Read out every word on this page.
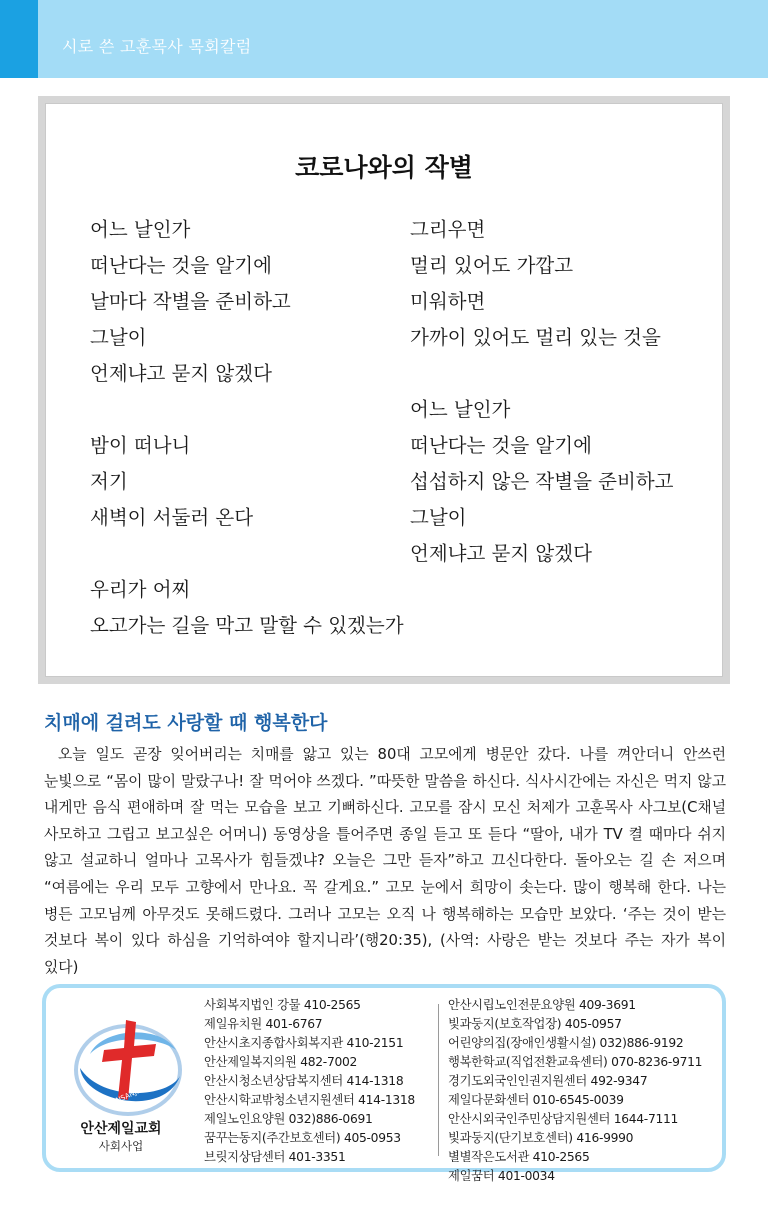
시로 쓴 고훈목사 목회칼럼
코로나와의 작별
어느 날인가
떠난다는 것을 알기에
날마다 작별을 준비하고
그날이
언제냐고 묻지 않겠다
밤이 떠나니
저기
새벽이 서둘러 온다
우리가 어찌
오고가는 길을 막고 말할 수 있겠는가
그리우면
멀리 있어도 가깝고
미워하면
가까이 있어도 멀리 있는 것을
어느 날인가
떠난다는 것을 알기에
섭섭하지 않은 작별을 준비하고
그날이
언제냐고 묻지 않겠다
치매에 걸려도 사랑할 때 행복한다
오늘 일도 곧장 잊어버리는 치매를 앓고 있는 80대 고모에게 병문안 갔다. 나를 껴안더니 안쓰런 눈빛으로 “몸이 많이 말랐구나! 잘 먹어야 쓰겠다. ”따뜻한 말씀을 하신다. 식사시간에는 자신은 먹지 않고 내게만 음식 편애하며 잘 먹는 모습을 보고 기뻐하신다. 고모를 잠시 모신 처제가 고훈목사 사그보(C채널 사모하고 그립고 보고싶은 어머니) 동영상을 틀어주면 종일 듣고 또 듣다 “딸아, 내가 TV 켤 때마다 쉬지 않고 설교하니 얼마나 고목사가 힘들겠냐? 오늘은 그만 듣자”하고 끄신다한다. 돌아오는 길 손 저으며 “여름에는 우리 모두 고향에서 만나요. 꼭 갈게요.” 고모 눈에서 희망이 솟는다. 많이 행복해 한다. 나는 병든 고모님께 아무것도 못해드렸다. 그러나 고모는 오직 나 행복해하는 모습만 보았다. ‘주는 것이 받는 것보다 복이 있다 하심을 기억하여야 할지니라’(행20:35), (사역: 사랑은 받는 것보다 주는 자가 복이 있다)
ANSANJEIL CHURCH
안산제일교회
사회사업
사회복지법인 강물 410-2565
제일유치원 401-6767
안산시초지종합사회복지관 410-2151
안산제일복지의원 482-7002
안산시청소년상담복지센터 414-1318
안산시학교밖청소년지원센터 414-1318
제일노인요양원 032)886-0691
꿈꾸는동지(주간보호센터) 405-0953
브릿지상담센터 401-3351
안산시립노인전문요양원 409-3691
빛과둥지(보호작업장) 405-0957
어린양의집(장애인생활시설) 032)886-9192
행복한학교(직업전환교육센터) 070-8236-9711
경기도외국인인권지원센터 492-9347
제일다문화센터 010-6545-0039
안산시외국인주민상담지원센터 1644-7111
빛과둥지(단기보호센터) 416-9990
별별작은도서관 410-2565
제일꿈터 401-0034
